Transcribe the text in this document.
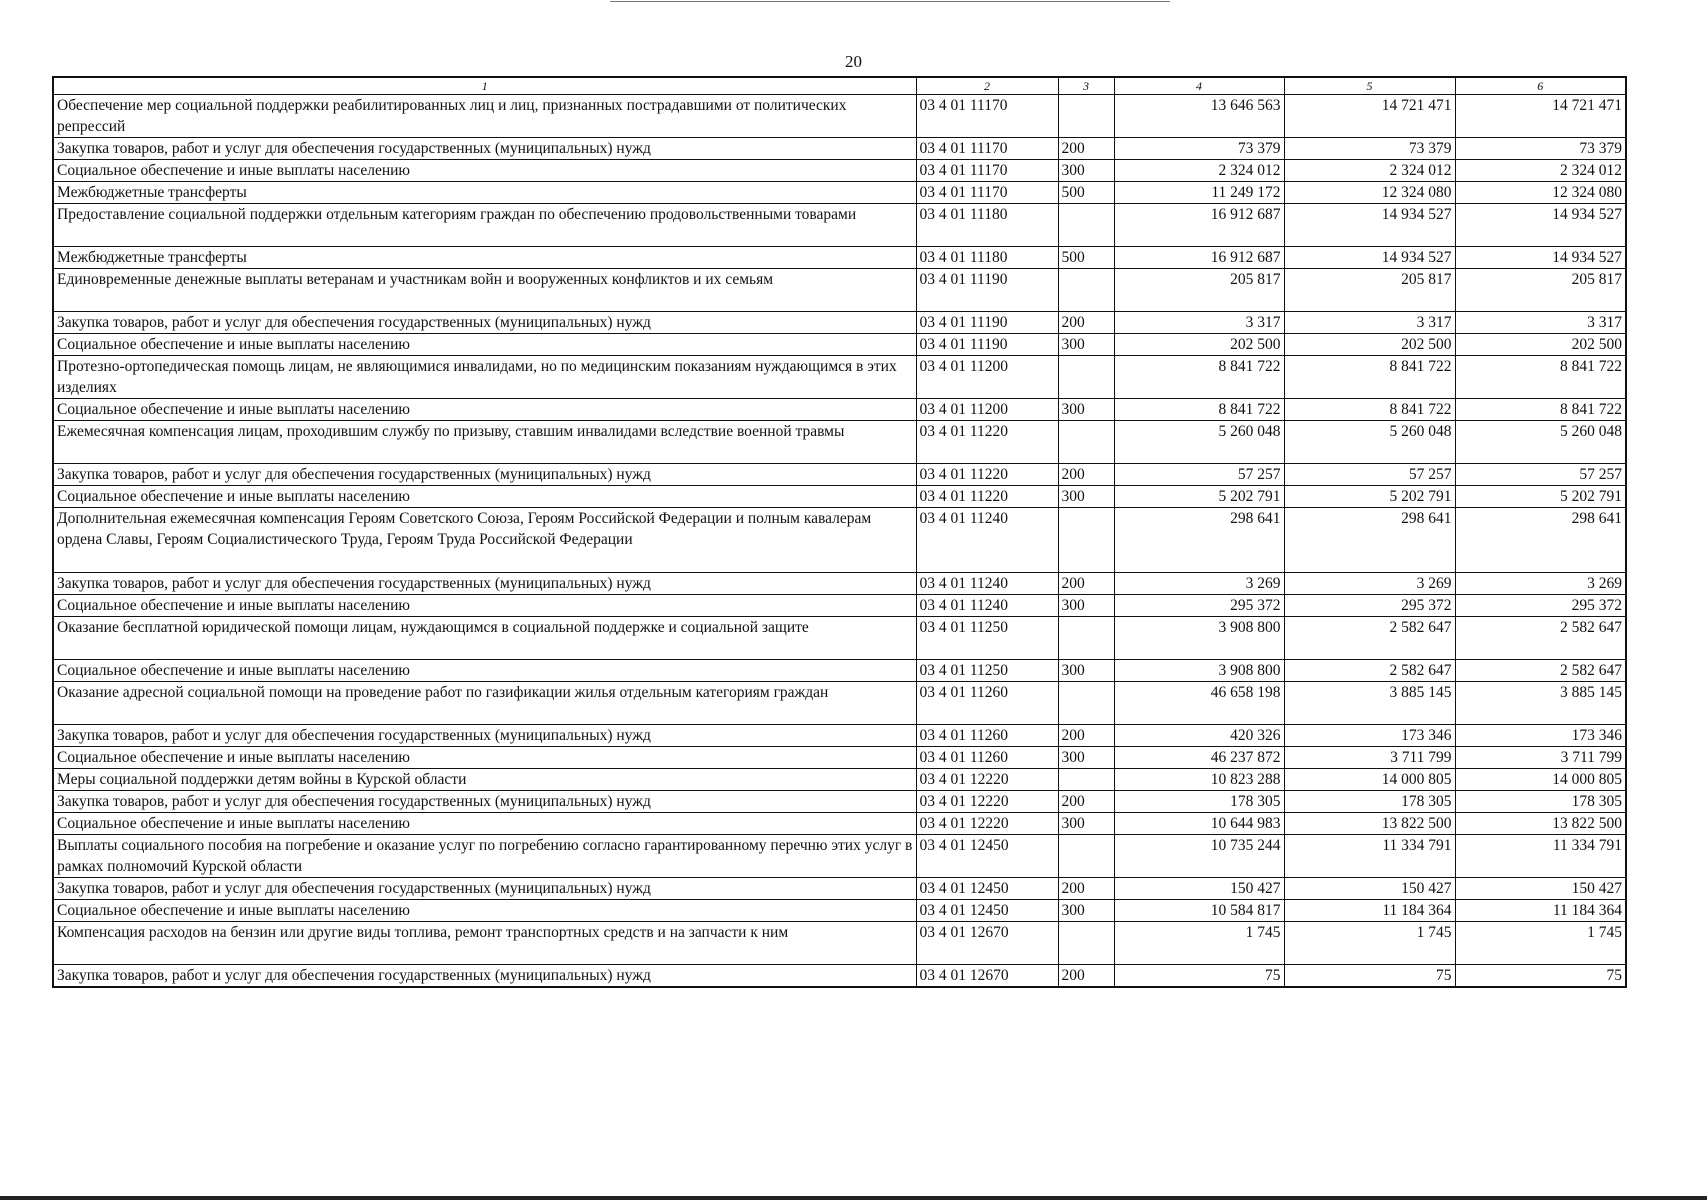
20
1	2	3	4	5	6
Обеспечение мер социальной поддержки реабилитированных лиц и лиц, признанных пострадавшими от политических репрессий	03 4 01 11170		13 646 563	14 721 471	14 721 471
Закупка товаров, работ и услуг для обеспечения государственных (муниципальных) нужд	03 4 01 11170	200	73 379	73 379	73 379
Социальное обеспечение и иные выплаты населению	03 4 01 11170	300	2 324 012	2 324 012	2 324 012
Межбюджетные трансферты	03 4 01 11170	500	11 249 172	12 324 080	12 324 080
Предоставление социальной поддержки отдельным категориям граждан по обеспечению продовольственными товарами	03 4 01 11180		16 912 687	14 934 527	14 934 527
Межбюджетные трансферты	03 4 01 11180	500	16 912 687	14 934 527	14 934 527
Единовременные денежные выплаты ветеранам и участникам войн и вооруженных конфликтов и их семьям	03 4 01 11190		205 817	205 817	205 817
Закупка товаров, работ и услуг для обеспечения государственных (муниципальных) нужд	03 4 01 11190	200	3 317	3 317	3 317
Социальное обеспечение и иные выплаты населению	03 4 01 11190	300	202 500	202 500	202 500
Протезно-ортопедическая помощь лицам, не являющимися инвалидами, но по медицинским показаниям нуждающимся в этих изделиях	03 4 01 11200		8 841 722	8 841 722	8 841 722
Социальное обеспечение и иные выплаты населению	03 4 01 11200	300	8 841 722	8 841 722	8 841 722
Ежемесячная компенсация лицам, проходившим службу по призыву, ставшим инвалидами вследствие военной травмы	03 4 01 11220		5 260 048	5 260 048	5 260 048
Закупка товаров, работ и услуг для обеспечения государственных (муниципальных) нужд	03 4 01 11220	200	57 257	57 257	57 257
Социальное обеспечение и иные выплаты населению	03 4 01 11220	300	5 202 791	5 202 791	5 202 791
Дополнительная ежемесячная компенсация Героям Советского Союза, Героям Российской Федерации и полным кавалерам ордена Славы, Героям Социалистического Труда, Героям Труда Российской Федерации	03 4 01 11240		298 641	298 641	298 641
Закупка товаров, работ и услуг для обеспечения государственных (муниципальных) нужд	03 4 01 11240	200	3 269	3 269	3 269
Социальное обеспечение и иные выплаты населению	03 4 01 11240	300	295 372	295 372	295 372
Оказание бесплатной юридической помощи лицам, нуждающимся в социальной поддержке и социальной защите	03 4 01 11250		3 908 800	2 582 647	2 582 647
Социальное обеспечение и иные выплаты населению	03 4 01 11250	300	3 908 800	2 582 647	2 582 647
Оказание адресной социальной помощи на проведение работ по газификации жилья отдельным категориям граждан	03 4 01 11260		46 658 198	3 885 145	3 885 145
Закупка товаров, работ и услуг для обеспечения государственных (муниципальных) нужд	03 4 01 11260	200	420 326	173 346	173 346
Социальное обеспечение и иные выплаты населению	03 4 01 11260	300	46 237 872	3 711 799	3 711 799
Меры социальной поддержки детям войны в Курской области	03 4 01 12220		10 823 288	14 000 805	14 000 805
Закупка товаров, работ и услуг для обеспечения государственных (муниципальных) нужд	03 4 01 12220	200	178 305	178 305	178 305
Социальное обеспечение и иные выплаты населению	03 4 01 12220	300	10 644 983	13 822 500	13 822 500
Выплаты социального пособия на погребение и оказание услуг по погребению согласно гарантированному перечню этих услуг в рамках полномочий Курской области	03 4 01 12450		10 735 244	11 334 791	11 334 791
Закупка товаров, работ и услуг для обеспечения государственных (муниципальных) нужд	03 4 01 12450	200	150 427	150 427	150 427
Социальное обеспечение и иные выплаты населению	03 4 01 12450	300	10 584 817	11 184 364	11 184 364
Компенсация расходов на бензин или другие виды топлива, ремонт транспортных средств и на запчасти к ним	03 4 01 12670		1 745	1 745	1 745
Закупка товаров, работ и услуг для обеспечения государственных (муниципальных) нужд	03 4 01 12670	200	75	75	75
